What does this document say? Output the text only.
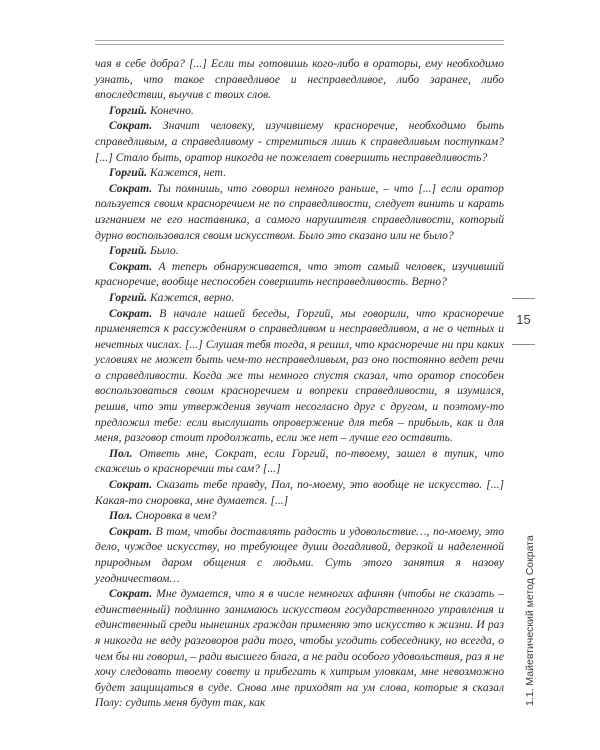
чая в себе добра? [...] Если ты готовишь кого-либо в ораторы, ему необходимо узнать, что такое справедливое и несправедливое, либо заранее, либо впоследствии, выучив с твоих слов.

Горгий. Конечно.

Сократ. Значит человеку, изучившему красноречие, необходимо быть справедливым, а справедливому - стремиться лишь к справедливым поступкам? [...] Стало быть, оратор никогда не пожелает совершить несправедливость?

Горгий. Кажется, нет.

Сократ. Ты помнишь, что говорил немного раньше, – что [...] если оратор пользуется своим красноречием не по справедливости, следует винить и карать изгнанием не его наставника, а самого нарушителя справедливости, который дурно воспользовался своим искусством. Было это сказано или не было?

Горгий. Было.

Сократ. А теперь обнаруживается, что этот самый человек, изучивший красноречие, вообще неспособен совершить несправедливость. Верно?

Горгий. Кажется, верно.

Сократ. В начале нашей беседы, Горгий, мы говорили, что красноречие применяется к рассуждениям о справедливом и несправедливом, а не о четных и нечетных числах. [...] Слушая тебя тогда, я решил, что красноречие ни при каких условиях не может быть чем-то несправедливым, раз оно постоянно ведет речи о справедливости. Когда же ты немного спустя сказал, что оратор способен воспользоваться своим красноречием и вопреки справедливости, я изумился, решив, что эти утверждения звучат несогласно друг с другом, и поэтому-то предложил тебе: если выслушать опровержение для тебя – прибыль, как и для меня, разговор стоит продолжать, если же нет – лучше его оставить.

Пол. Ответь мне, Сократ, если Горгий, по-твоему, зашел в тупик, что скажешь о красноречии ты сам? [...]

Сократ. Сказать тебе правду, Пол, по-моему, это вообще не искусство. [...] Какая-то сноровка, мне думается. [...]

Пол. Сноровка в чем?

Сократ. В том, чтобы доставлять радость и удовольствие…, по-моему, это дело, чуждое искусству, но требующее души догадливой, дерзкой и наделенной природным даром общения с людьми. Суть этого занятия я назову угодничеством…

Сократ. Мне думается, что я в числе немногих афинян (чтобы не сказать – единственный) подлинно занимаюсь искусством государственного управления и единственный среди нынешних граждан применяю это искусство к жизни. И раз я никогда не веду разговоров ради того, чтобы угодить собеседнику, но всегда, о чем бы ни говорил, – ради высшего блага, а не ради особого удовольствия, раз я не хочу следовать твоему совету и прибегать к хитрым уловкам, мне невозможно будет защищаться в суде. Снова мне приходят на ум слова, которые я сказал Полу: судить меня будут так, как

15
1.1. Майевтический метод Сократа
